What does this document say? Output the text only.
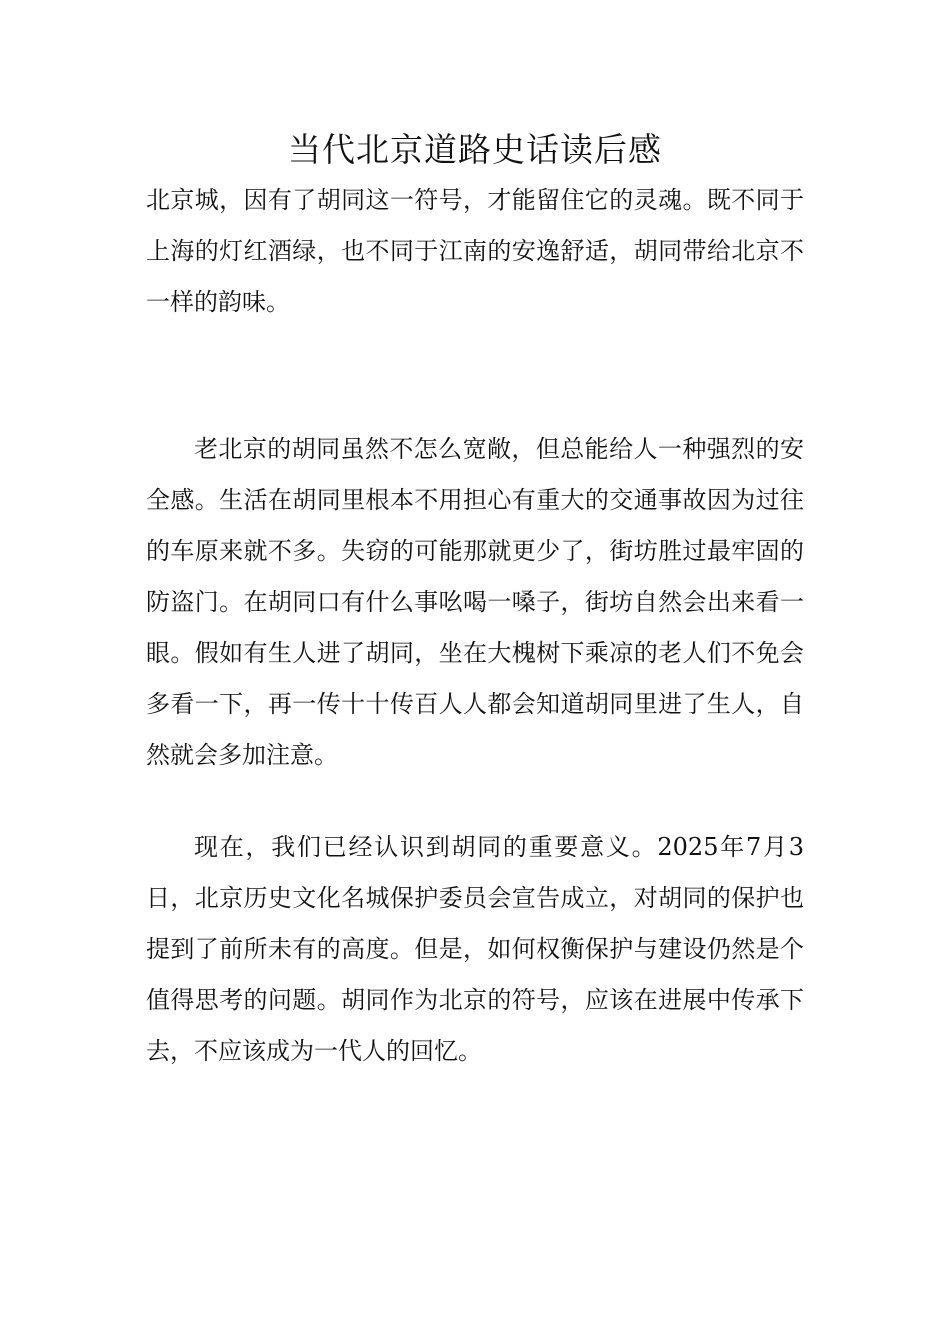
当代北京道路史话读后感

北京城，因有了胡同这一符号，才能留住它的灵魂。既不同于上海的灯红酒绿，也不同于江南的安逸舒适，胡同带给北京不一样的韵味。

老北京的胡同虽然不怎么宽敞，但总能给人一种强烈的安全感。生活在胡同里根本不用担心有重大的交通事故因为过往的车原来就不多。失窃的可能那就更少了，街坊胜过最牢固的防盗门。在胡同口有什么事吆喝一嗓子，街坊自然会出来看一眼。假如有生人进了胡同，坐在大槐树下乘凉的老人们不免会多看一下，再一传十十传百人人都会知道胡同里进了生人，自然就会多加注意。

现在，我们已经认识到胡同的重要意义。2025年7月3日，北京历史文化名城保护委员会宣告成立，对胡同的保护也提到了前所未有的高度。但是，如何权衡保护与建设仍然是个值得思考的问题。胡同作为北京的符号，应该在进展中传承下去，不应该成为一代人的回忆。
